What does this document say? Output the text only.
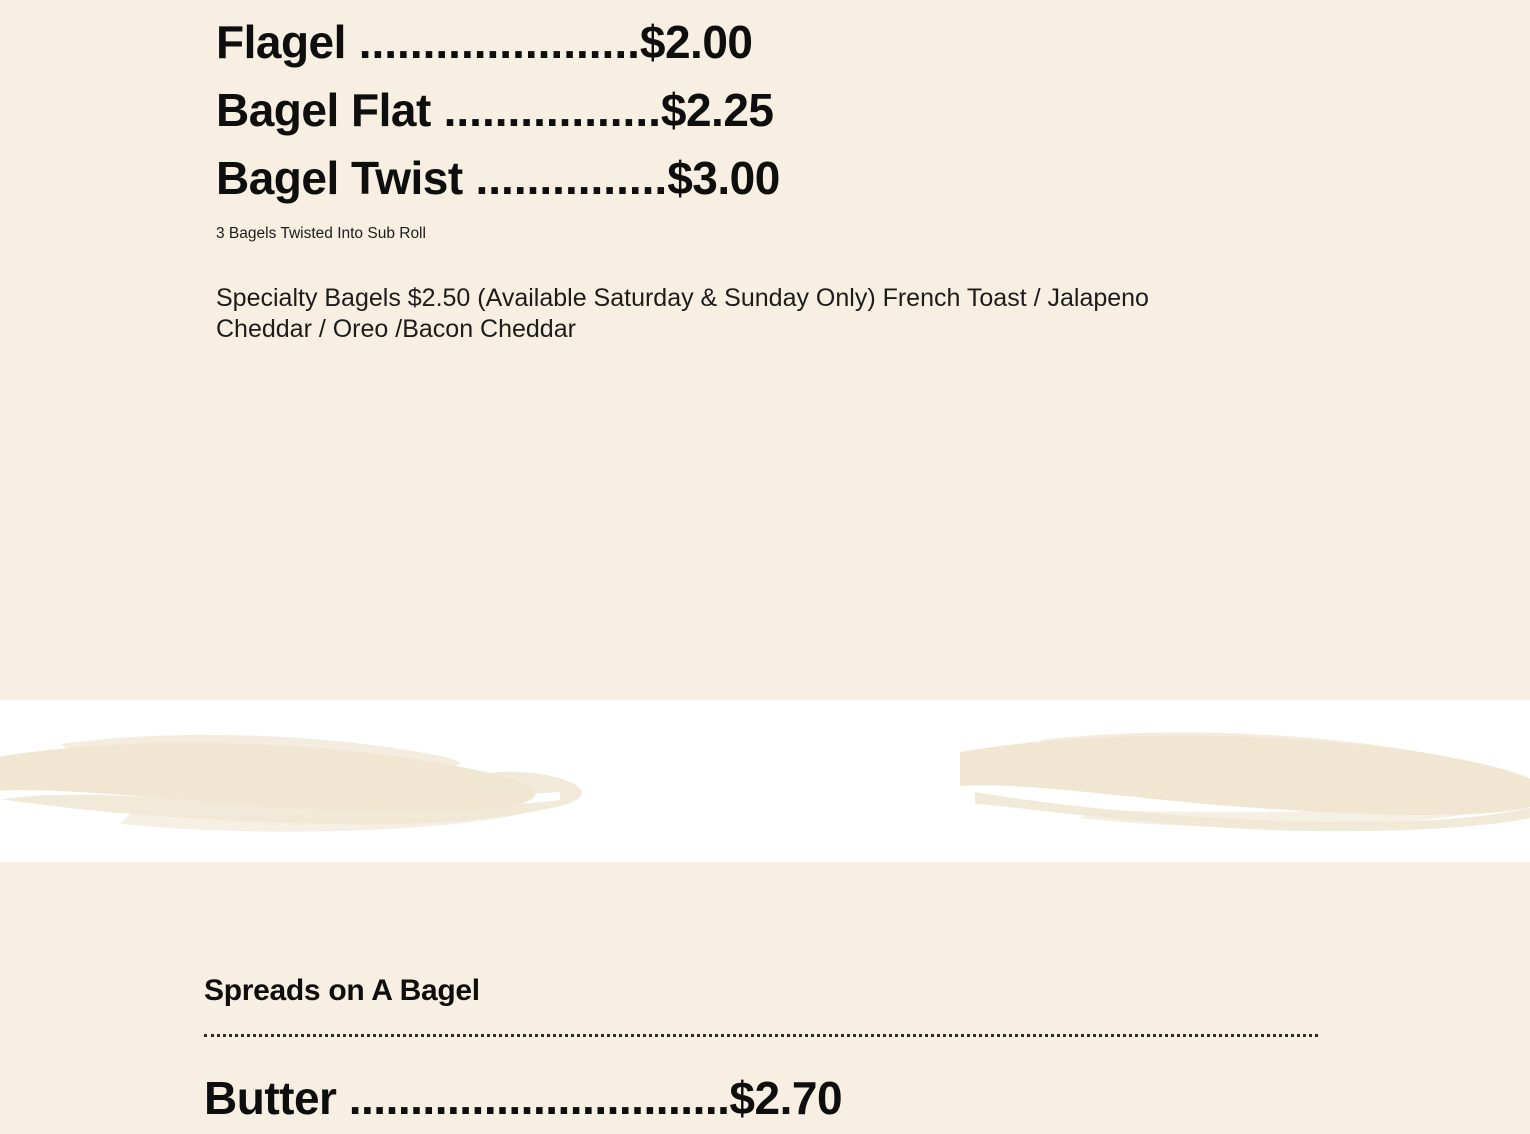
Flagel ......................$2.00
Bagel Flat .................$2.25
Bagel Twist ...............$3.00
3 Bagels Twisted Into Sub Roll
Specialty Bagels $2.50 (Available Saturday & Sunday Only) French Toast / Jalapeno Cheddar / Oreo /Bacon Cheddar
Spreads on A Bagel
Butter ...............................$2.70
